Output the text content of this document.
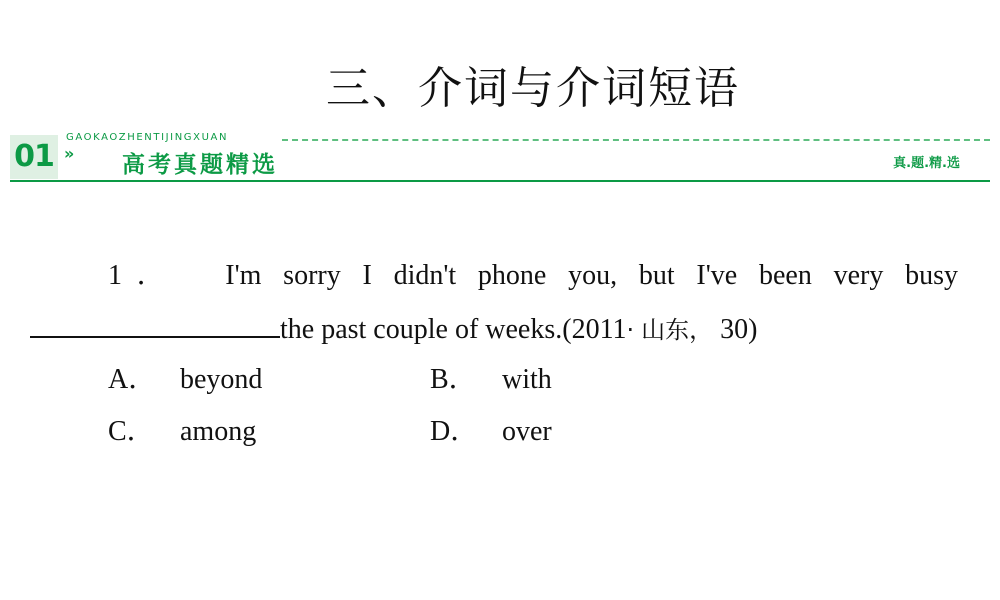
三、介词与介词短语
01 »
GAOKAOZHENTIJINGXUAN
高考真题精选	真.题.精.选
1． I'm sorry I didn't phone you, but I've been very busy
the past couple of weeks.(2011· 山东， 30)
A． beyond	B． with
C． among	D． over
